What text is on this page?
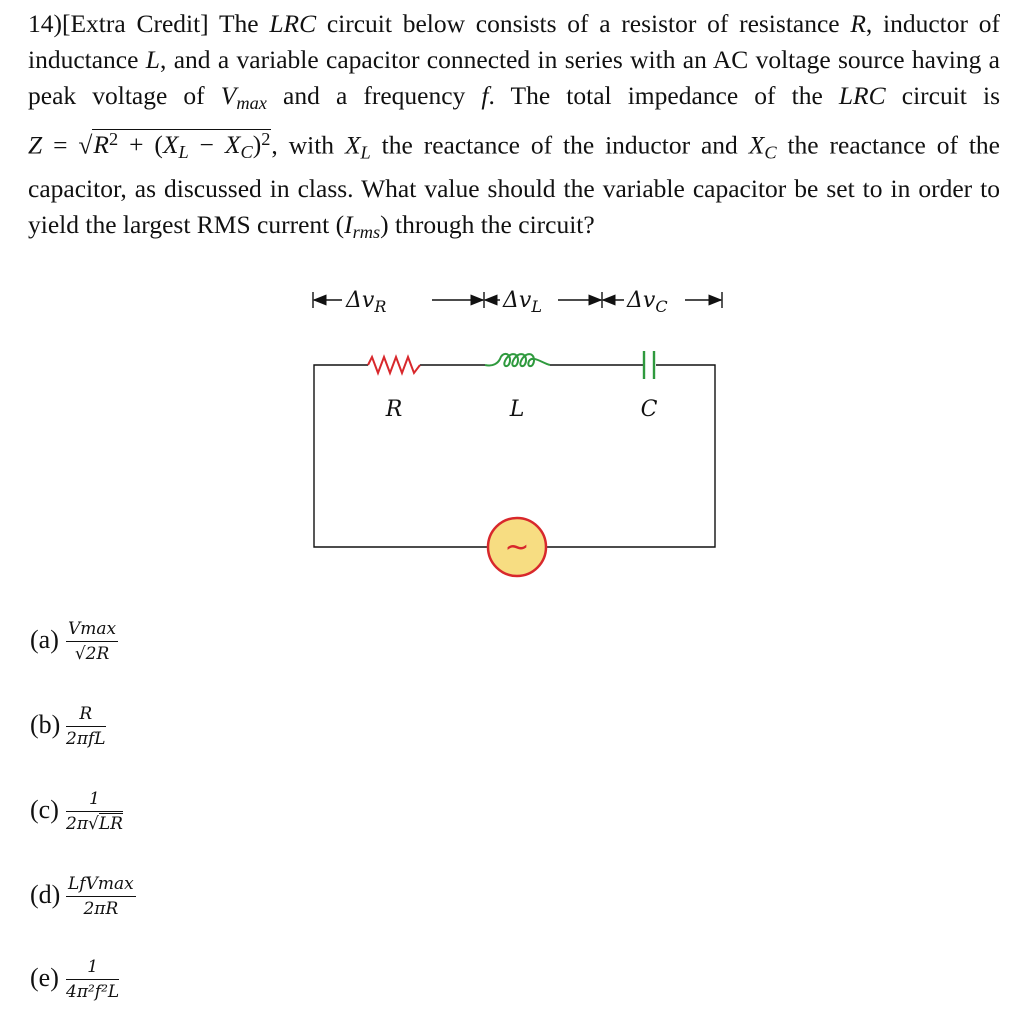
14)[Extra Credit] The LRC circuit below consists of a resistor of resistance R, inductor of inductance L, and a variable capacitor connected in series with an AC voltage source having a peak voltage of $V_{max}$ and a frequency f. The total impedance of the LRC circuit is $Z = √R^2 + (X_L - X_C)^2$, with $X_L$ the reactance of the inductor and $X_C$ the reactance of the capacitor, as discussed in class. What value should the variable capacitor be set to in order to yield the largest RMS current $(I_{rms})$ through the circuit?

$\Delta v_R$	$\Delta v_L$	$\Delta v_C$
R	L	C
~
(a) Vmax
√2R
(b)	R
2πfL
$(c) \frac{1}{2\pi√LR}$
(d) LfVmax
2πR
$(e) \frac{1}{\text{4π²f²L}}$
